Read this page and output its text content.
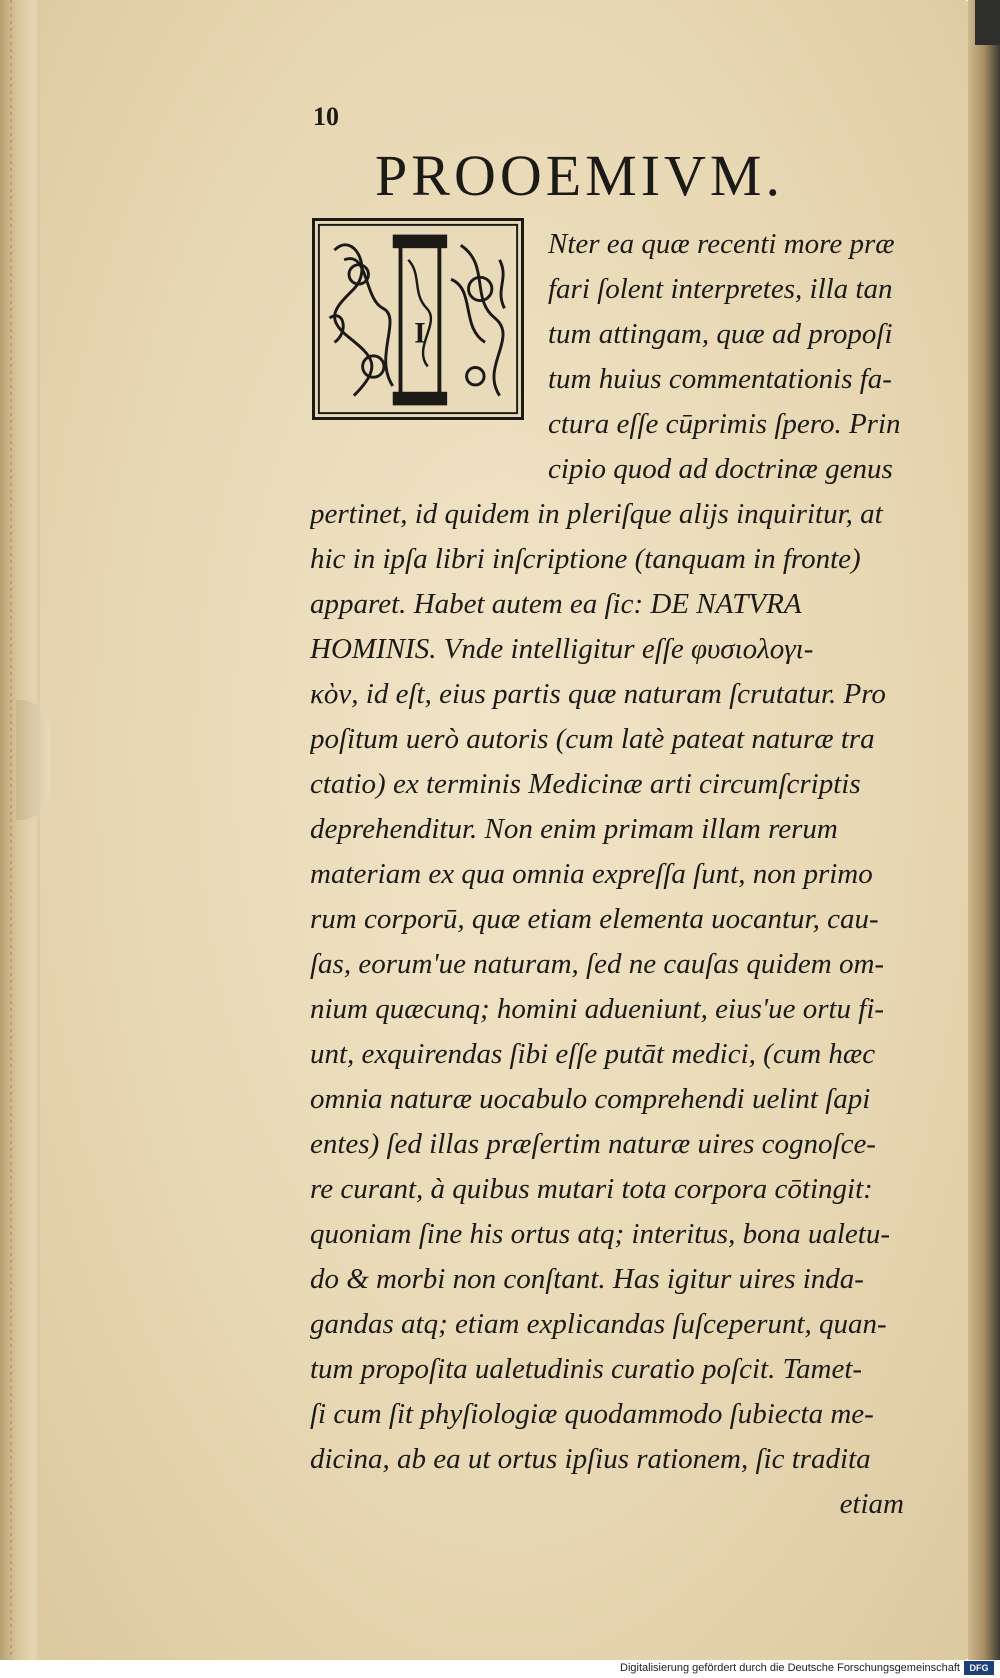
10
PROOEMIVM.
I
Nter ea quæ recenti more præ
fari ſolent interpretes, illa tan
tum attingam, quæ ad propoſi
tum huius commentationis fa-
ctura eſſe cūprimis ſpero. Prin
cipio quod ad doctrinæ genus
pertinet, id quidem in pleriſque alijs inquiritur, at
hic in ipſa libri inſcriptione (tanquam in fronte)
apparet. Habet autem ea ſic: DE NATVRA
HOMINIS. Vnde intelligitur eſſe φυσιολογι-
κὸν, id eſt, eius partis quæ naturam ſcrutatur. Pro
poſitum uerò autoris (cum latè pateat naturæ tra
ctatio) ex terminis Medicinæ arti circumſcriptis
deprehenditur. Non enim primam illam rerum
materiam ex qua omnia expreſſa ſunt, non primo
rum corporū, quæ etiam elementa uocantur, cau-
ſas, eorum'ue naturam, ſed ne cauſas quidem om-
nium quæcunq; homini adueniunt, eius'ue ortu fi-
unt, exquirendas ſibi eſſe putāt medici, (cum hæc
omnia naturæ uocabulo comprehendi uelint ſapi
entes) ſed illas præſertim naturæ uires cognoſce-
re curant, à quibus mutari tota corpora cōtingit:
quoniam ſine his ortus atq; interitus, bona ualetu-
do & morbi non conſtant. Has igitur uires inda-
gandas atq; etiam explicandas ſuſceperunt, quan-
tum propoſita ualetudinis curatio poſcit. Tamet-
ſi cum ſit phyſiologiæ quodammodo ſubiecta me-
dicina, ab ea ut ortus ipſius rationem, ſic tradita
etiam
Digitalisierung gefördert durch die Deutsche Forschungsgemeinschaft	DFG
